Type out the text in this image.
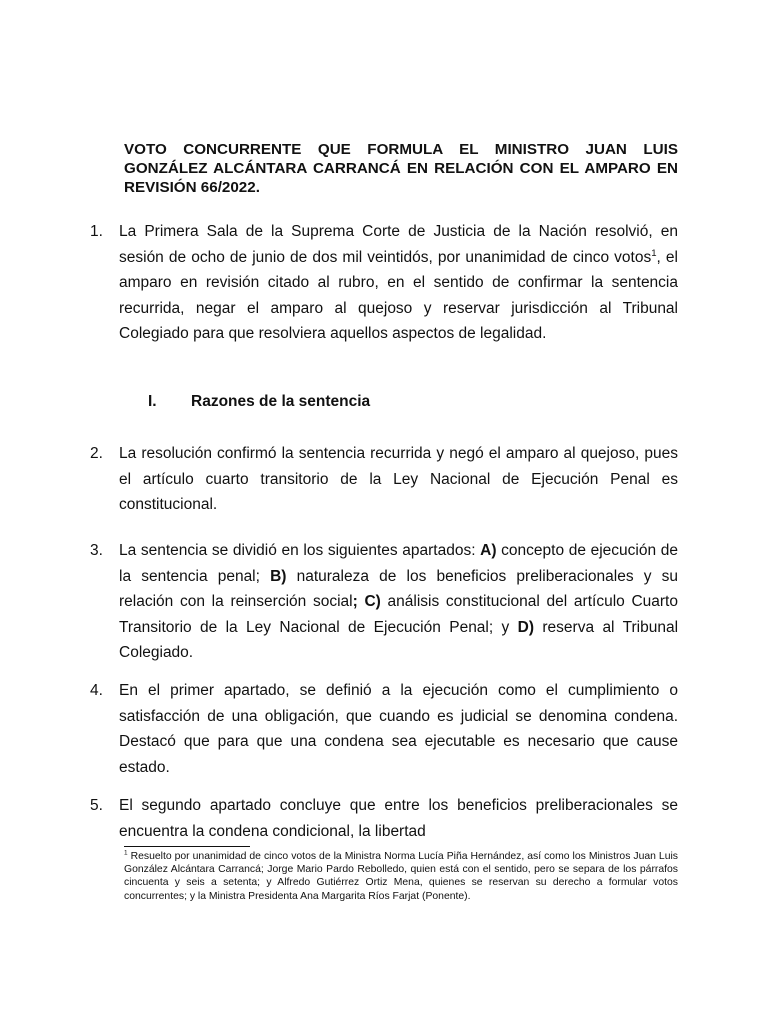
VOTO CONCURRENTE QUE FORMULA EL MINISTRO JUAN LUIS GONZÁLEZ ALCÁNTARA CARRANCÁ EN RELACIÓN CON EL AMPARO EN REVISIÓN 66/2022.

1.	La Primera Sala de la Suprema Corte de Justicia de la Nación resolvió, en sesión de ocho de junio de dos mil veintidós, por unanimidad de cinco votos$^1$, el amparo en revisión citado al rubro, en el sentido de confirmar la sentencia recurrida, negar el amparo al quejoso y reservar jurisdicción al Tribunal Colegiado para que resolviera aquellos aspectos de legalidad.

I. Razones de la sentencia

2.	La resolución confirmó la sentencia recurrida y negó el amparo al quejoso, pues el artículo cuarto transitorio de la Ley Nacional de Ejecución Penal es constitucional.
3.	La sentencia se dividió en los siguientes apartados: A) concepto de ejecución de la sentencia penal; B) naturaleza de los beneficios preliberacionales y su relación con la reinserción social; C) análisis constitucional del artículo Cuarto Transitorio de la Ley Nacional de Ejecución Penal; y D) reserva al Tribunal Colegiado.
4.	En el primer apartado, se definió a la ejecución como el cumplimiento o satisfacción de una obligación, que cuando es judicial se denomina condena. Destacó que para que una condena sea ejecutable es necesario que cause estado.
5.	El segundo apartado concluye que entre los beneficios preliberacionales se encuentra la condena condicional, la libertad

$^1$ Resuelto por unanimidad de cinco votos de la Ministra Norma Lucía Piña Hernández, así como los Ministros Juan Luis González Alcántara Carrancá; Jorge Mario Pardo Rebolledo, quien está con el sentido, pero se separa de los párrafos cincuenta y seis a setenta; y Alfredo Gutiérrez Ortiz Mena, quienes se reservan su derecho a formular votos concurrentes; y la Ministra Presidenta Ana Margarita Ríos Farjat (Ponente).
